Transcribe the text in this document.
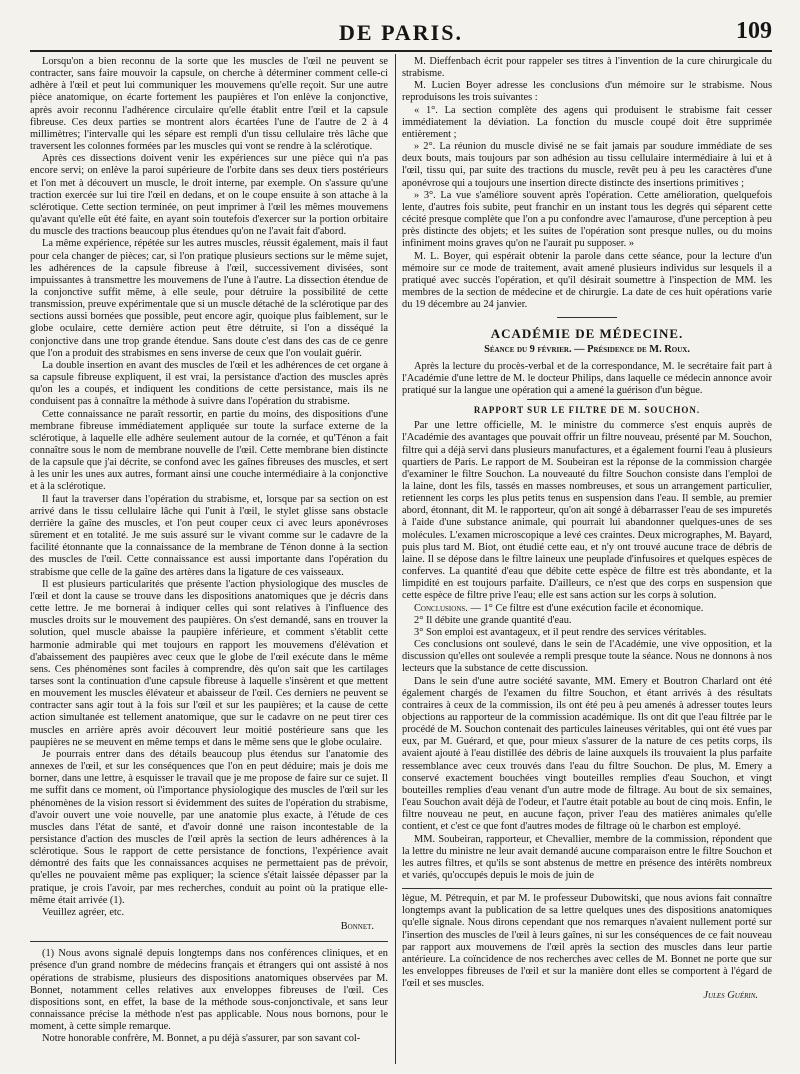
DE PARIS.	109

Lorsqu'on a bien reconnu de la sorte que les muscles de l'œil ne peuvent se contracter, sans faire mouvoir la capsule, on cherche à déterminer comment celle-ci adhère à l'œil et peut lui communiquer les mouvemens qu'elle reçoit. Sur une autre pièce anatomique, on écarte fortement les paupières et l'on enlève la conjonctive, après avoir reconnu l'adhérence circulaire qu'elle établit entre l'œil et la capsule fibreuse. Ces deux parties se montrent alors écartées l'une de l'autre de 2 à 4 millimètres; l'intervalle qui les sépare est rempli d'un tissu cellulaire très lâche que traversent les colonnes formées par les muscles qui vont se rendre à la sclérotique.

Après ces dissections doivent venir les expériences sur une pièce qui n'a pas encore servi; on enlève la paroi supérieure de l'orbite dans ses deux tiers postérieurs et l'on met à découvert un muscle, le droit interne, par exemple. On s'assure qu'une traction exercée sur lui tire l'œil en dedans, et on le coupe ensuite à son attache à la sclérotique. Cette section terminée, on peut imprimer à l'œil les mêmes mouvemens qu'avant qu'elle eût été faite, en ayant soin toutefois d'exercer sur la portion orbitaire du muscle des tractions beaucoup plus étendues qu'on ne l'avait fait d'abord.

La même expérience, répétée sur les autres muscles, réussit également, mais il faut pour cela changer de pièces; car, si l'on pratique plusieurs sections sur le même sujet, les adhérences de la capsule fibreuse à l'œil, successivement divisées, sont impuissantes à transmettre les mouvemens de l'une à l'autre. La dissection étendue de la conjonctive suffit même, à elle seule, pour détruire la possibilité de cette transmission, preuve expérimentale que si un muscle détaché de la sclérotique par des sections aussi bornées que possible, peut encore agir, quoique plus faiblement, sur le globe oculaire, cette dernière action peut être détruite, si l'on a disséqué la conjonctive dans une trop grande étendue. Sans doute c'est dans des cas de ce genre que l'on a produit des strabismes en sens inverse de ceux que l'on voulait guérir.

La double insertion en avant des muscles de l'œil et les adhérences de cet organe à sa capsule fibreuse expliquent, il est vrai, la persistance d'action des muscles après qu'on les a coupés, et indiquent les conditions de cette persistance, mais ils ne conduisent pas à connaître la méthode à suivre dans l'opération du strabisme.

Cette connaissance ne paraît ressortir, en partie du moins, des dispositions d'une membrane fibreuse immédiatement appliquée sur toute la surface externe de la sclérotique, à laquelle elle adhère seulement autour de la cornée, et qu'Ténon a fait connaître sous le nom de membrane nouvelle de l'œil. Cette membrane bien distincte de la capsule que j'ai décrite, se confond avec les gaînes fibreuses des muscles, et sert à les unir les unes aux autres, formant ainsi une couche intermédiaire à la conjonctive et à la sclérotique.

Il faut la traverser dans l'opération du strabisme, et, lorsque par sa section on est arrivé dans le tissu cellulaire lâche qui l'unit à l'œil, le stylet glisse sans obstacle derrière la gaîne des muscles, et l'on peut couper ceux ci avec leurs aponévroses sûrement et en totalité. Je me suis assuré sur le vivant comme sur le cadavre de la facilité étonnante que la connaissance de la membrane de Ténon donne à la section des muscles de l'œil. Cette connaissance est aussi importante dans l'opération du strabisme que celle de la gaîne des artères dans la ligature de ces vaisseaux.

Il est plusieurs particularités que présente l'action physiologique des muscles de l'œil et dont la cause se trouve dans les dispositions anatomiques que je décris dans cette lettre. Je me bornerai à indiquer celles qui sont relatives à l'influence des muscles droits sur le mouvement des paupières. On s'est demandé, sans en trouver la solution, quel muscle abaisse la paupière inférieure, et comment s'établit cette harmonie admirable qui met toujours en rapport les mouvemens d'élévation et d'abaissement des paupières avec ceux que le globe de l'œil exécute dans le même sens. Ces phénomènes sont faciles à comprendre, dès qu'on sait que les cartilages tarses sont la continuation d'une capsule fibreuse à laquelle s'insèrent et que mettent en mouvement les muscles élévateur et abaisseur de l'œil. Ces derniers ne peuvent se contracter sans agir tout à la fois sur l'œil et sur les paupières; et la cause de cette action simultanée est tellement anatomique, que sur le cadavre on ne peut tirer ces muscles en arrière après avoir découvert leur moitié postérieure sans que les paupières ne se meuvent en même temps et dans le même sens que le globe oculaire.

Je pourrais entrer dans des détails beaucoup plus étendus sur l'anatomie des annexes de l'œil, et sur les conséquences que l'on en peut déduire; mais je dois me borner, dans une lettre, à esquisser le travail que je me propose de faire sur ce sujet. Il me suffit dans ce moment, où l'importance physiologique des muscles de l'œil sur les phénomènes de la vision ressort si évidemment des suites de l'opération du strabisme, d'avoir ouvert une voie nouvelle, par une anatomie plus exacte, à l'étude de ces muscles dans l'état de santé, et d'avoir donné une raison incontestable de la persistance d'action des muscles de l'œil après la section de leurs adhérences à la sclérotique. Sous le rapport de cette persistance de fonctions, l'expérience avait démontré des faits que les connaissances acquises ne permettaient pas de prévoir, qu'elles ne pouvaient même pas expliquer; la science s'était laissée dépasser par la pratique, je crois l'avoir, par mes recherches, conduit au point où la pratique elle-même était arrivée (1).

Veuillez agréer, etc.

Bonnet.

(1) Nous avons signalé depuis longtemps dans nos conférences cliniques, et en présence d'un grand nombre de médecins français et étrangers qui ont assisté à nos opérations de strabisme, plusieurs des dispositions anatomiques observées par M. Bonnet, notamment celles relatives aux enveloppes fibreuses de l'œil. Ces dispositions sont, en effet, la base de la méthode sous-conjonctivale, et sans leur connaissance précise la méthode n'est pas applicable. Nous nous bornons, pour le moment, à cette simple remarque.

Notre honorable confrère, M. Bonnet, a pu déjà s'assurer, par son savant col-

M. Dieffenbach écrit pour rappeler ses titres à l'invention de la cure chirurgicale du strabisme.

M. Lucien Boyer adresse les conclusions d'un mémoire sur le strabisme. Nous reproduisons les trois suivantes :

« 1°. La section complète des agens qui produisent le strabisme fait cesser immédiatement la déviation. La fonction du muscle coupé doit être supprimée entièrement ;

» 2°. La réunion du muscle divisé ne se fait jamais par soudure immédiate de ses deux bouts, mais toujours par son adhésion au tissu cellulaire intermédiaire à lui et à l'œil, tissu qui, par suite des tractions du muscle, revêt peu à peu les caractères d'une aponévrose qui a toujours une insertion directe distincte des insertions primitives ;

» 3°. La vue s'améliore souvent après l'opération. Cette amélioration, quelquefois lente, d'autres fois subite, peut franchir en un instant tous les degrés qui séparent cette cécité presque complète que l'on a pu confondre avec l'amaurose, d'une perception à peu près distincte des objets; et les suites de l'opération sont presque nulles, ou du moins infiniment moins graves qu'on ne l'aurait pu supposer. »

M. L. Boyer, qui espérait obtenir la parole dans cette séance, pour la lecture d'un mémoire sur ce mode de traitement, avait amené plusieurs individus sur lesquels il a pratiqué avec succès l'opération, et qu'il désirait soumettre à l'inspection de MM. les membres de la section de médecine et de chirurgie. La date de ces huit opérations varie du 19 décembre au 24 janvier.

ACADÉMIE DE MÉDECINE.

Séance du 9 février. — Présidence de M. Roux.

Après la lecture du procès-verbal et de la correspondance, M. le secrétaire fait part à l'Académie d'une lettre de M. le docteur Philips, dans laquelle ce médecin annonce avoir pratiqué sur la langue une opération qui a amené la guérison d'un bègue.

RAPPORT SUR LE FILTRE DE M. SOUCHON.

Par une lettre officielle, M. le ministre du commerce s'est enquis auprès de l'Académie des avantages que pouvait offrir un filtre nouveau, présenté par M. Souchon, filtre qui a déjà servi dans plusieurs manufactures, et a également fourni l'eau à plusieurs quartiers de Paris. Le rapport de M. Soubeiran est la réponse de la commission chargée d'examiner le filtre Souchon. La nouveauté du filtre Souchon consiste dans l'emploi de la laine, dont les fils, tassés en masses nombreuses, et sous un arrangement particulier, retiennent les corps les plus petits tenus en suspension dans l'eau. Il semble, au premier abord, étonnant, dit M. le rapporteur, qu'on ait songé à débarrasser l'eau de ses impuretés à l'aide d'une substance animale, qui pourrait lui abandonner quelques-unes de ses molécules. L'examen microscopique a levé ces craintes. Deux micrographes, M. Bayard, puis plus tard M. Biot, ont étudié cette eau, et n'y ont trouvé aucune trace de débris de laine. Il se dépose dans le filtre laineux une peuplade d'infusoires et quelques espèces de conferves. La quantité d'eau que débite cette espèce de filtre est très abondante, et la limpidité en est toujours parfaite. D'ailleurs, ce n'est que des corps en suspension que cette espèce de filtre prive l'eau; elle est sans action sur les corps à solution.

Conclusions. — 1° Ce filtre est d'une exécution facile et économique.

2° Il débite une grande quantité d'eau.

3° Son emploi est avantageux, et il peut rendre des services véritables.

Ces conclusions ont soulevé, dans le sein de l'Académie, une vive opposition, et la discussion qu'elles ont soulevée a rempli presque toute la séance. Nous ne donnons à nos lecteurs que la substance de cette discussion.

Dans le sein d'une autre société savante, MM. Emery et Boutron Charlard ont été également chargés de l'examen du filtre Souchon, et étant arrivés à des résultats contraires à ceux de la commission, ils ont été peu à peu amenés à adresser toutes leurs objections au rapporteur de la commission académique. Ils ont dit que l'eau filtrée par le procédé de M. Souchon contenait des particules laineuses véritables, qui ont été vues par eux, par M. Guérard, et que, pour mieux s'assurer de la nature de ces petits corps, ils avaient ajouté à l'eau distillée des débris de laine auxquels ils trouvaient la plus parfaite ressemblance avec ceux trouvés dans l'eau du filtre Souchon. De plus, M. Emery a conservé exactement bouchées vingt bouteilles remplies d'eau Souchon, et vingt bouteilles remplies d'eau venant d'un autre mode de filtrage. Au bout de six semaines, l'eau Souchon avait déjà de l'odeur, et l'autre était potable au bout de cinq mois. Enfin, le filtre nouveau ne peut, en aucune façon, priver l'eau des matières animales qu'elle contient, et c'est ce que font d'autres modes de filtrage où le charbon est employé.

MM. Soubeiran, rapporteur, et Chevallier, membre de la commission, répondent que la lettre du ministre ne leur avait demandé aucune comparaison entre le filtre Souchon et les autres filtres, et qu'ils se sont abstenus de mettre en présence des intérêts nombreux et variés, qu'occupés depuis le mois de juin de

lègue, M. Pétrequin, et par M. le professeur Dubowitski, que nous avions fait connaître longtemps avant la publication de sa lettre quelques unes des dispositions anatomiques qu'elle signale. Nous dirons cependant que nos remarques n'avaient nullement porté sur l'insertion des muscles de l'œil à leurs gaînes, ni sur les conséquences de ce fait nouveau par rapport aux mouvemens de l'œil après la section des muscles dans leur partie antérieure. La coïncidence de nos recherches avec celles de M. Bonnet ne porte que sur les enveloppes fibreuses de l'œil et sur la manière dont elles se comportent à l'égard de l'œil et ses muscles.

Jules Guérin.
